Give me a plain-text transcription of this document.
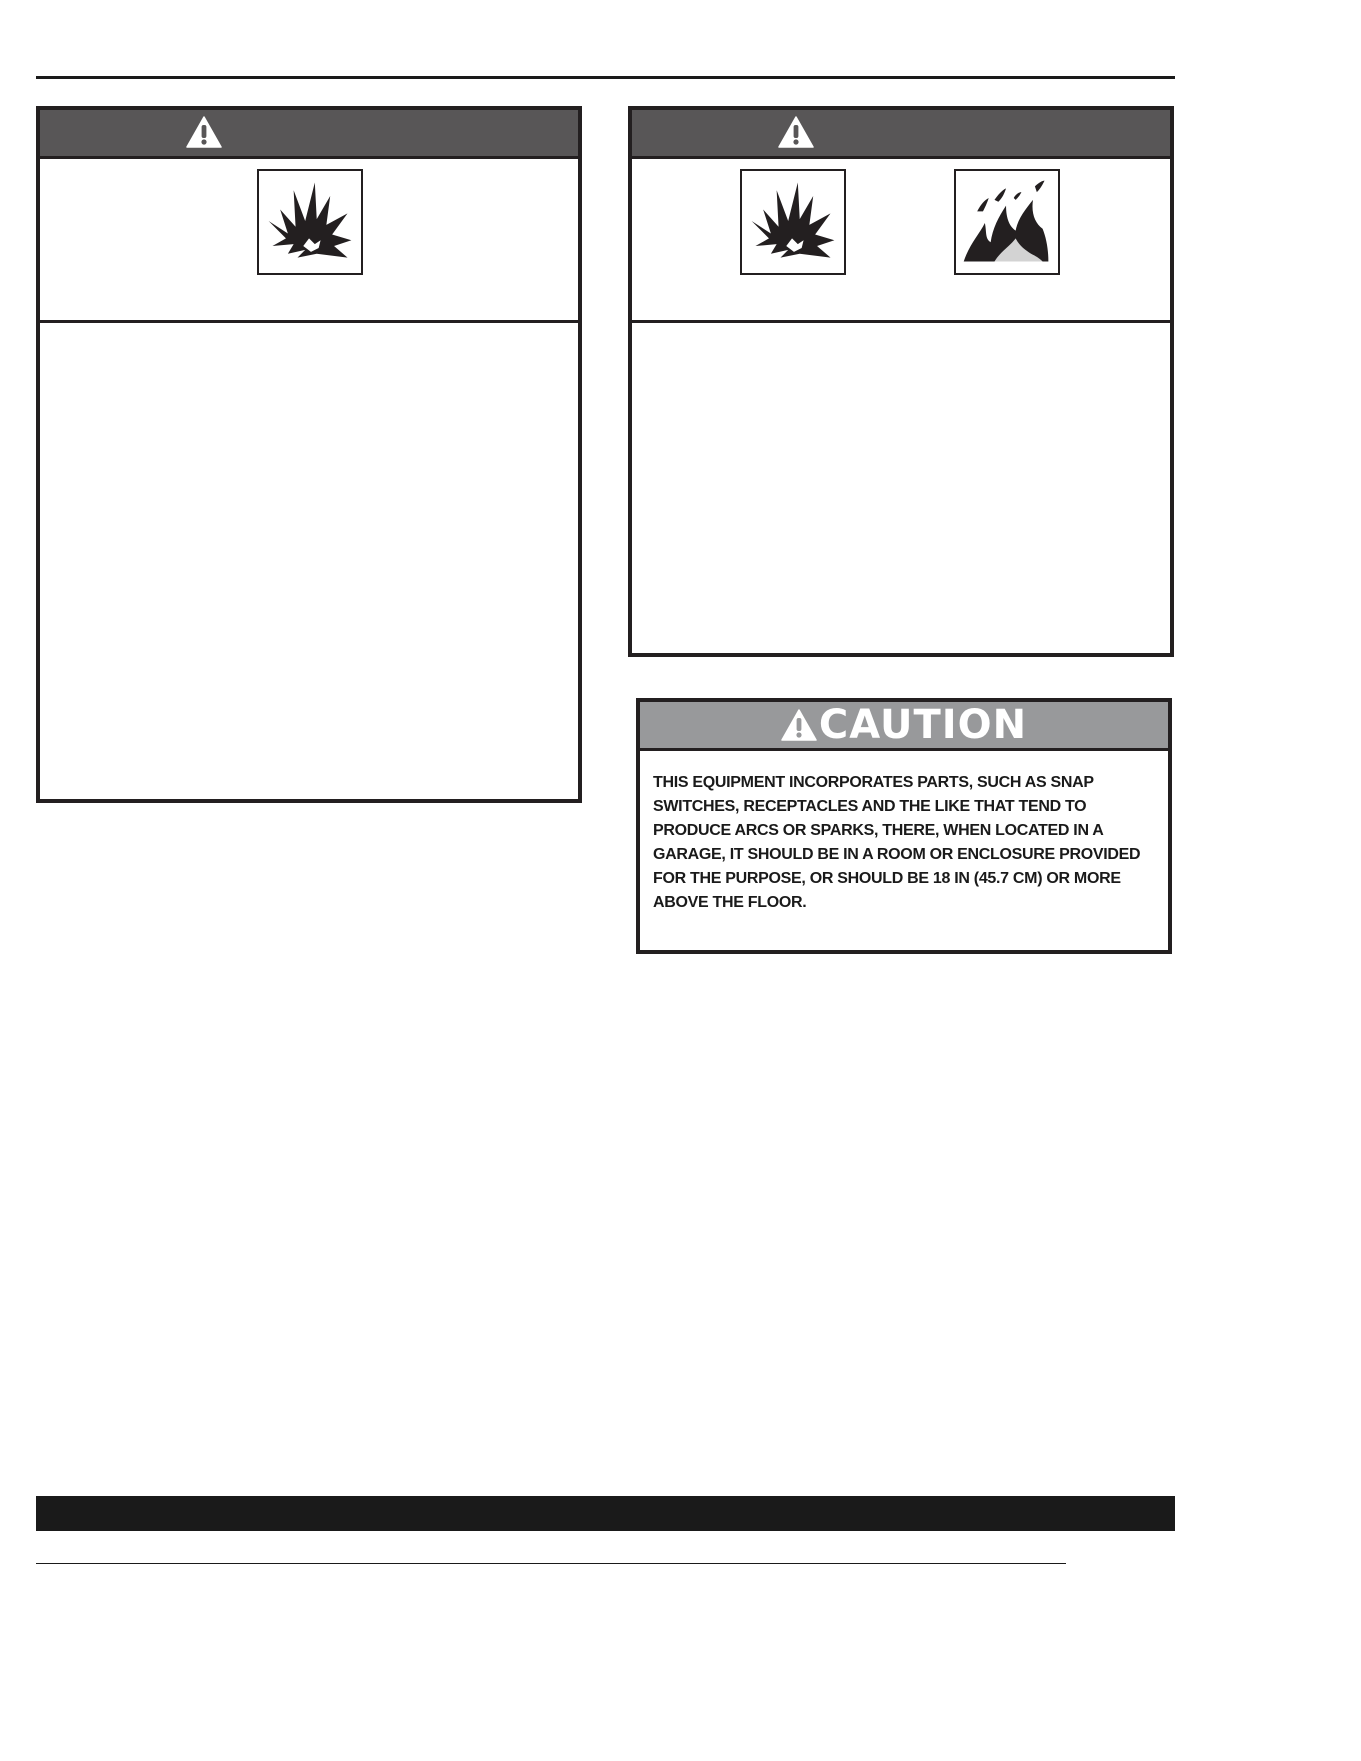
CAUTION

THIS EQUIPMENT INCORPORATES PARTS, SUCH AS SNAP SWITCHES, RECEPTACLES AND THE LIKE THAT TEND TO PRODUCE ARCS OR SPARKS, THERE, WHEN LOCATED IN A GARAGE, IT SHOULD BE IN A ROOM OR ENCLOSURE PROVIDED FOR THE PURPOSE, OR SHOULD BE 18 IN (45.7 CM) OR MORE ABOVE THE FLOOR.
